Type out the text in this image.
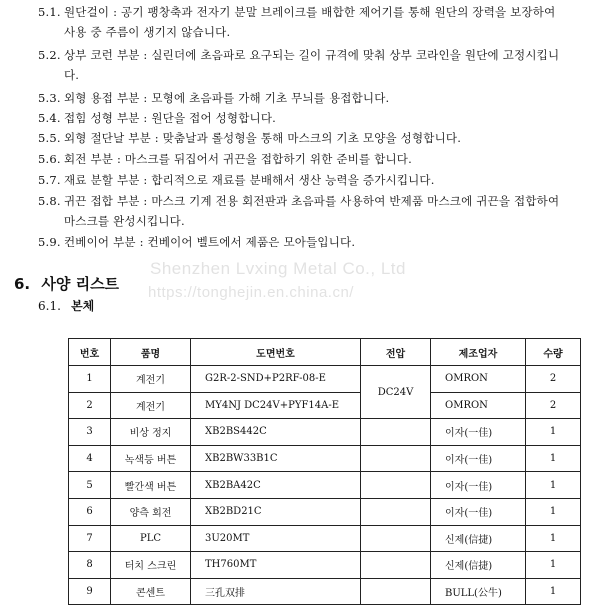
5.1. 원단걸이 : 공기 팽창축과 전자기 분말 브레이크를 배합한 제어기를 통해 원단의 장력을 보장하여 사용 중 주름이 생기지 않습니다.
5.2. 상부 코런 부분 : 실린더에 초음파로 요구되는 길이 규격에 맞춰 상부 코라인을 원단에 고정시킵니다.
5.3. 외형 용접 부분 : 모형에 초음파를 가해 기초 무늬를 용접합니다.
5.4. 접힘 성형 부분 : 원단을 접어 성형합니다.
5.5. 외형 절단날 부분 : 맞춤날과 롤성형을 통해 마스크의 기초 모양을 성형합니다.
5.6. 회전 부분 : 마스크를 뒤집어서 귀끈을 접합하기 위한 준비를 합니다.
5.7. 재료 분할 부분 : 합리적으로 재료를 분배해서 생산 능력을 증가시킵니다.
5.8. 귀끈 접합 부분 : 마스크 기계 전용 회전판과 초음파를 사용하여 반제품 마스크에 귀끈을 접합하여 마스크를 완성시킵니다.
5.9. 컨베이어 부분 : 컨베이어 벨트에서 제품은 모아들입니다.
Shenzhen Lvxing Metal Co., Ltd
https://tonghejin.en.china.cn/
6. 사양 리스트
6.1. 본체
번호	품명	도면번호	전압	제조업자	수량
1	계전기	G2R-2-SND+P2RF-08-E	DC24V	OMRON	2
2	계전기	MY4NJ DC24V+PYF14A-E		OMRON	2
3	비상 정지	XB2BS442C		이자(一佳)	1
4	녹색등 버튼	XB2BW33B1C		이자(一佳)	1
5	빨간색 버튼	XB2BA42C		이자(一佳)	1
6	양측 회전	XB2BD21C		이자(一佳)	1
7	PLC	3U20MT		신제(信捷)	1
8	터치 스크린	TH760MT		신제(信捷)	1
9	콘센트	三孔双排		BULL(公牛)	1
